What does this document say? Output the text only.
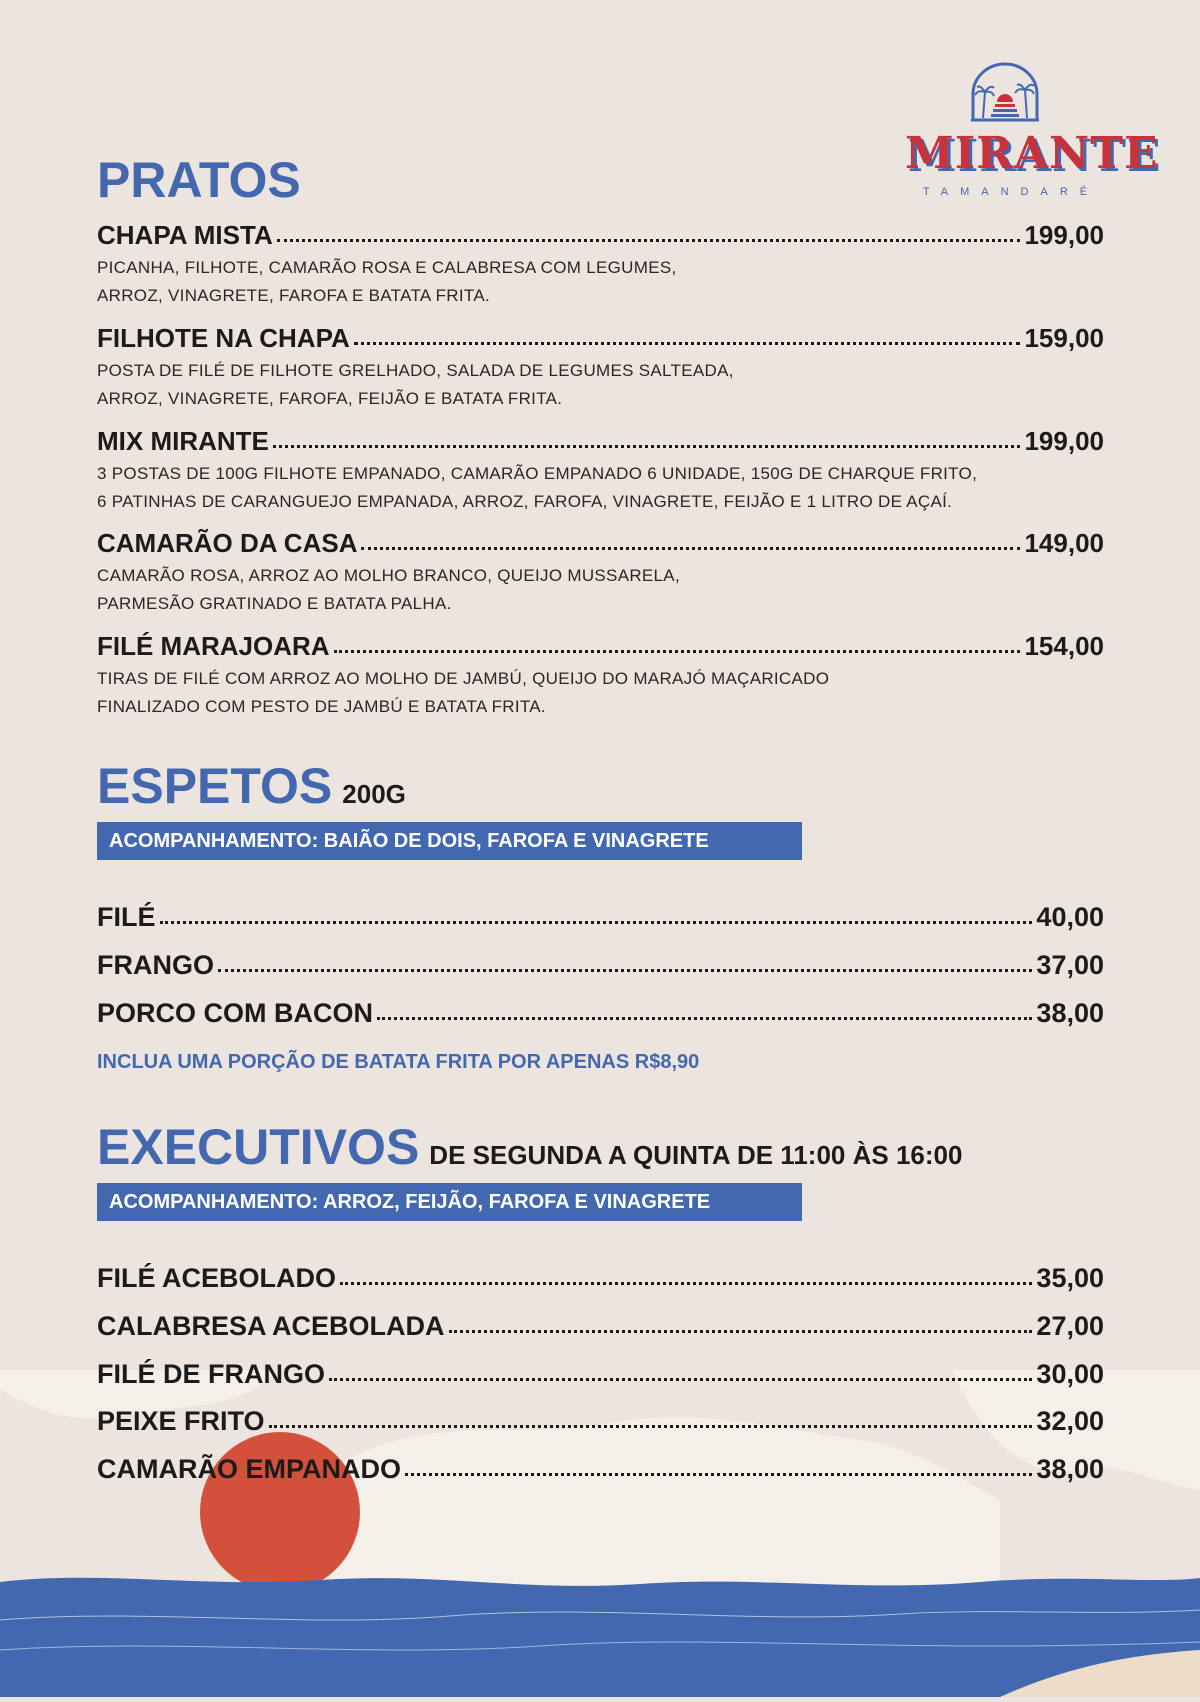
MIRANTE
TAMANDARÉ
PRATOS
CHAPA MISTA	199,00

PICANHA, FILHOTE, CAMARÃO ROSA E CALABRESA COM LEGUMES,
ARROZ, VINAGRETE, FAROFA E BATATA FRITA.

FILHOTE NA CHAPA	159,00

POSTA DE FILÉ DE FILHOTE GRELHADO, SALADA DE LEGUMES SALTEADA,
ARROZ, VINAGRETE, FAROFA, FEIJÃO E BATATA FRITA.

MIX MIRANTE	199,00

3 POSTAS DE 100G FILHOTE EMPANADO, CAMARÃO EMPANADO 6 UNIDADE, 150G DE CHARQUE FRITO,
6 PATINHAS DE CARANGUEJO EMPANADA, ARROZ, FAROFA, VINAGRETE, FEIJÃO E 1 LITRO DE AÇAÍ.

CAMARÃO DA CASA	149,00

CAMARÃO ROSA, ARROZ AO MOLHO BRANCO, QUEIJO MUSSARELA,
PARMESÃO GRATINADO E BATATA PALHA.

FILÉ MARAJOARA	154,00

TIRAS DE FILÉ COM ARROZ AO MOLHO DE JAMBÚ, QUEIJO DO MARAJÓ MAÇARICADO
FINALIZADO COM PESTO DE JAMBÚ E BATATA FRITA.

ESPETOS 200G
ACOMPANHAMENTO: BAIÃO DE DOIS, FAROFA E VINAGRETE
FILÉ	40,00
FRANGO	37,00
PORCO COM BACON	38,00
INCLUA UMA PORÇÃO DE BATATA FRITA POR APENAS R$8,90
EXECUTIVOS DE SEGUNDA A QUINTA DE 11:00 ÀS 16:00
ACOMPANHAMENTO: ARROZ, FEIJÃO, FAROFA E VINAGRETE
FILÉ ACEBOLADO	35,00
CALABRESA ACEBOLADA	27,00
FILÉ DE FRANGO	30,00
PEIXE FRITO	32,00
CAMARÃO EMPANADO	38,00
